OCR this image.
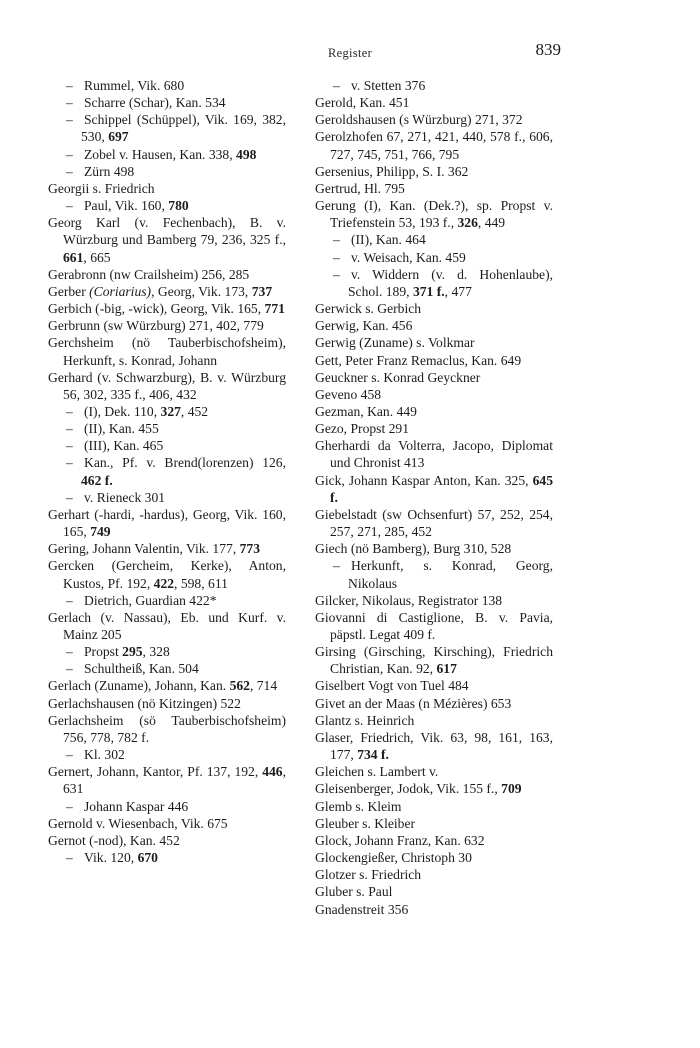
Register	839

– Rummel, Vik. 680

– Scharre (Schar), Kan. 534

– Schippel (Schüppel), Vik. 169, 382, 530, 697

– Zobel v. Hausen, Kan. 338, 498

– Zürn 498

Georgii s. Friedrich

– Paul, Vik. 160, 780

Georg Karl (v. Fechenbach), B. v. Würzburg und Bamberg 79, 236, 325 f., 661, 665

Gerabronn (nw Crailsheim) 256, 285

Gerber (Coriarius), Georg, Vik. 173, 737

Gerbich (-big, -wick), Georg, Vik. 165, 771

Gerbrunn (sw Würzburg) 271, 402, 779

Gerchsheim (nö Tauberbischofsheim), Herkunft, s. Konrad, Johann

Gerhard (v. Schwarzburg), B. v. Würzburg 56, 302, 335 f., 406, 432

– (I), Dek. 110, 327, 452

– (II), Kan. 455

– (III), Kan. 465

– Kan., Pf. v. Brend(lorenzen) 126, 462 f.

– v. Rieneck 301

Gerhart (-hardi, -hardus), Georg, Vik. 160, 165, 749

Gering, Johann Valentin, Vik. 177, 773

Gercken (Gercheim, Kerke), Anton, Kustos, Pf. 192, 422, 598, 611

– Dietrich, Guardian 422*

Gerlach (v. Nassau), Eb. und Kurf. v. Mainz 205

– Propst 295, 328

– Schultheiß, Kan. 504

Gerlach (Zuname), Johann, Kan. 562, 714

Gerlachshausen (nö Kitzingen) 522

Gerlachsheim (sö Tauberbischofsheim) 756, 778, 782 f.

– Kl. 302

Gernert, Johann, Kantor, Pf. 137, 192, 446, 631

– Johann Kaspar 446

Gernold v. Wiesenbach, Vik. 675

Gernot (-nod), Kan. 452

– Vik. 120, 670

– v. Stetten 376

Gerold, Kan. 451

Geroldshausen (s Würzburg) 271, 372

Gerolzhofen 67, 271, 421, 440, 578 f., 606, 727, 745, 751, 766, 795

Gersenius, Philipp, S. I. 362

Gertrud, Hl. 795

Gerung (I), Kan. (Dek.?), sp. Propst v. Triefenstein 53, 193 f., 326, 449

– (II), Kan. 464

– v. Weisach, Kan. 459

– v. Widdern (v. d. Hohenlaube), Schol. 189, 371 f., 477

Gerwick s. Gerbich

Gerwig, Kan. 456

Gerwig (Zuname) s. Volkmar

Gett, Peter Franz Remaclus, Kan. 649

Geuckner s. Konrad Geyckner

Geveno 458

Gezman, Kan. 449

Gezo, Propst 291

Gherhardi da Volterra, Jacopo, Diplomat und Chronist 413

Gick, Johann Kaspar Anton, Kan. 325, 645 f.

Giebelstadt (sw Ochsenfurt) 57, 252, 254, 257, 271, 285, 452

Giech (nö Bamberg), Burg 310, 528

– Herkunft, s. Konrad, Georg, Nikolaus

Gilcker, Nikolaus, Registrator 138

Giovanni di Castiglione, B. v. Pavia, päpstl. Legat 409 f.

Girsing (Girsching, Kirsching), Friedrich Christian, Kan. 92, 617

Giselbert Vogt von Tuel 484

Givet an der Maas (n Mézières) 653

Glantz s. Heinrich

Glaser, Friedrich, Vik. 63, 98, 161, 163, 177, 734 f.

Gleichen s. Lambert v.

Gleisenberger, Jodok, Vik. 155 f., 709

Glemb s. Kleim

Gleuber s. Kleiber

Glock, Johann Franz, Kan. 632

Glockengießer, Christoph 30

Glotzer s. Friedrich

Gluber s. Paul

Gnadenstreit 356
